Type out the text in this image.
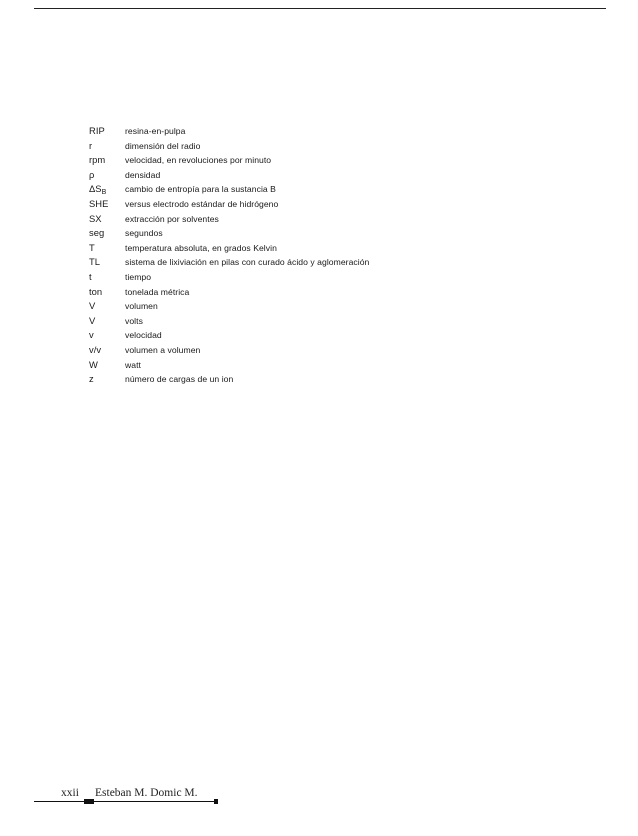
RIP	resina-en-pulpa
r	dimensión del radio
rpm	velocidad, en revoluciones por minuto
ρ	densidad
$\Delta S_B$	cambio de entropía para la sustancia B
SHE	versus electrodo estándar de hidrógeno
SX	extracción por solventes
seg	segundos
T	temperatura absoluta, en grados Kelvin
TL	sistema de lixiviación en pilas con curado ácido y aglomeración
t	tiempo
ton	tonelada métrica
V	volumen
V	volts
v	velocidad
v/v	volumen a volumen
W	watt
z	número de cargas de un ion
xxii Esteban M. Domic M.
